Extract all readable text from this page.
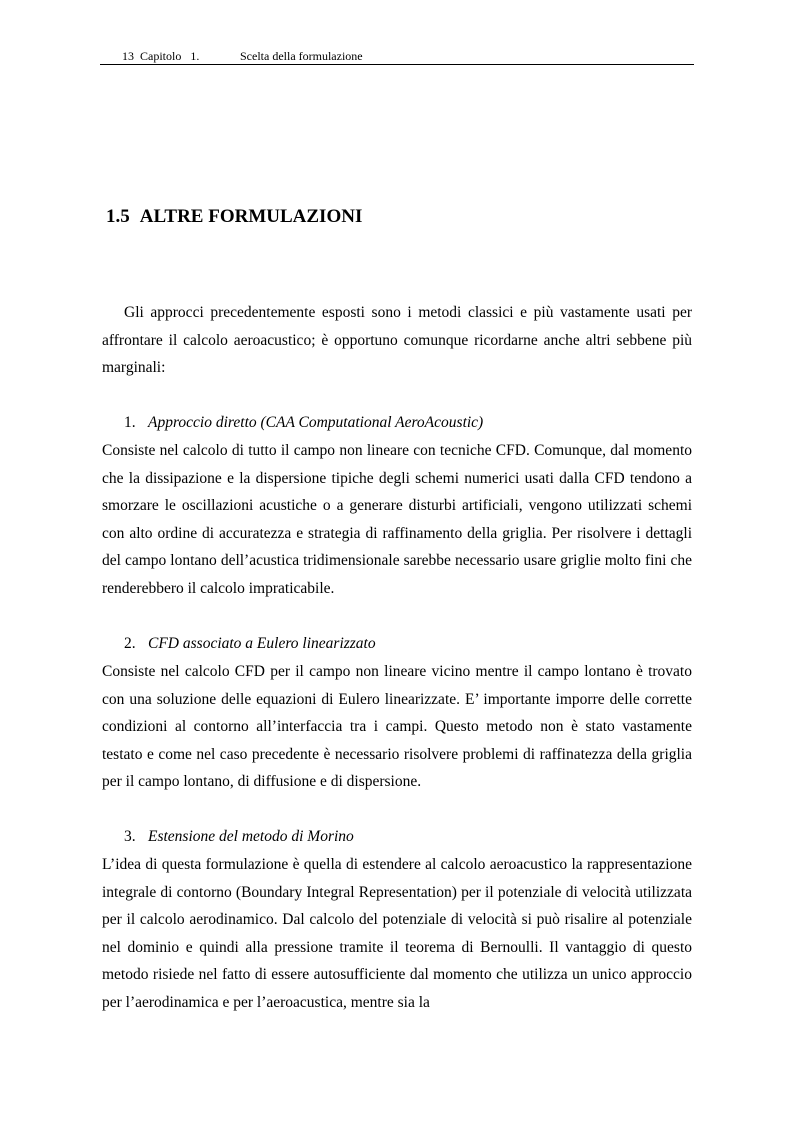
13  Capitolo   1.	Scelta della formulazione
1.5 ALTRE FORMULAZIONI

Gli approcci precedentemente esposti sono i metodi classici e più vastamente usati per affrontare il calcolo aeroacustico; è opportuno comunque ricordarne anche altri sebbene più marginali:

1. Approccio diretto (CAA Computational AeroAcoustic)

Consiste nel calcolo di tutto il campo non lineare con tecniche CFD. Comunque, dal momento che la dissipazione e la dispersione tipiche degli schemi numerici usati dalla CFD tendono a smorzare le oscillazioni acustiche o a generare disturbi artificiali, vengono utilizzati schemi con alto ordine di accuratezza e strategia di raffinamento della griglia. Per risolvere i dettagli del campo lontano dell’acustica tridimensionale sarebbe necessario usare griglie molto fini che renderebbero il calcolo impraticabile.

2. CFD associato a Eulero linearizzato

Consiste nel calcolo CFD per il campo non lineare vicino mentre il campo lontano è trovato con una soluzione delle equazioni di Eulero linearizzate. E’ importante imporre delle corrette condizioni al contorno all’interfaccia tra i campi. Questo metodo non è stato vastamente testato e come nel caso precedente è necessario risolvere problemi di raffinatezza della griglia per il campo lontano, di diffusione e di dispersione.

3. Estensione del metodo di Morino

L’idea di questa formulazione è quella di estendere al calcolo aeroacustico la rappresentazione integrale di contorno (Boundary Integral Representation) per il potenziale di velocità utilizzata per il calcolo aerodinamico. Dal calcolo del potenziale di velocità si può risalire al potenziale nel dominio e quindi alla pressione tramite il teorema di Bernoulli. Il vantaggio di questo metodo risiede nel fatto di essere autosufficiente dal momento che utilizza un unico approccio per l’aerodinamica e per l’aeroacustica, mentre sia la
